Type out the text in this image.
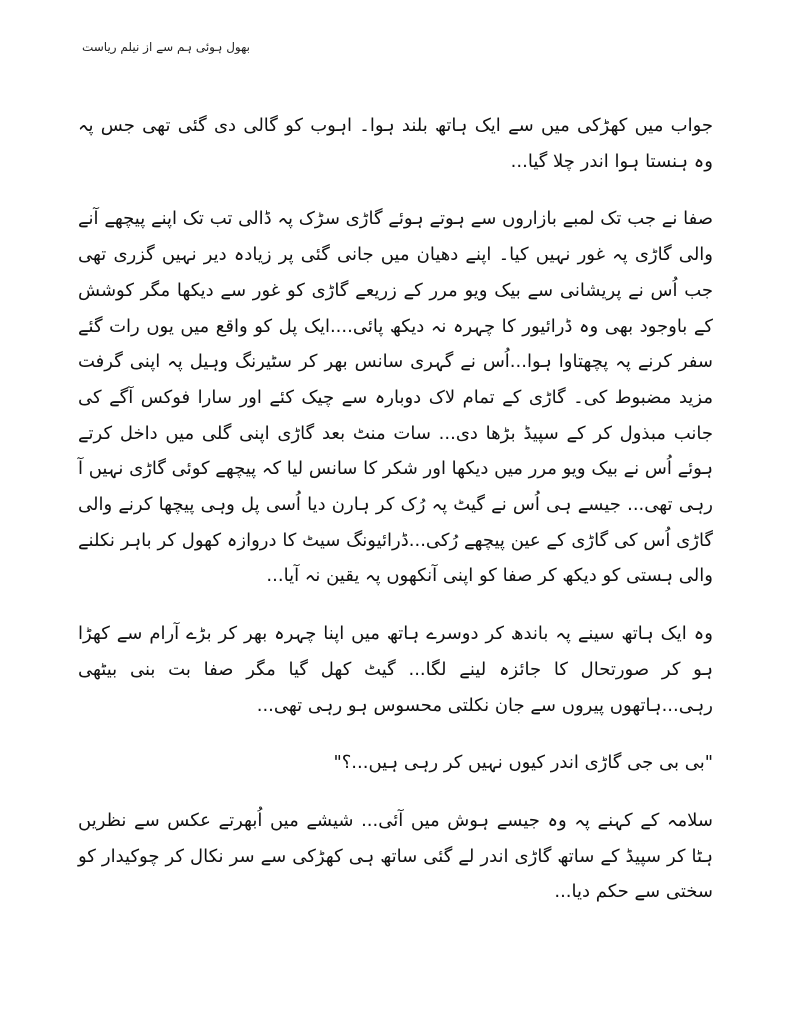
بھول ہوئی ہم سے از نیلم ریاست

جواب میں کھڑکی میں سے ایک ہاتھ بلند ہوا۔ اہوب کو گالی دی گئی تھی جس پہ وہ ہنستا ہوا اندر چلا گیا...

صفا نے جب تک لمبے بازاروں سے ہوتے ہوئے گاڑی سڑک پہ ڈالی تب تک اپنے پیچھے آنے والی گاڑی پہ غور نہیں کیا۔ اپنے دھیان میں جانی گئی پر زیادہ دیر نہیں گزری تھی جب اُس نے پریشانی سے بیک ویو مرر کے زریعے گاڑی کو غور سے دیکھا مگر کوشش کے باوجود بھی وہ ڈرائیور کا چہرہ نہ دیکھ پائی....ایک پل کو واقع میں یوں رات گئے سفر کرنے پہ پچھتاوا ہوا...اُس نے گہری سانس بھر کر سٹیرنگ وہیل پہ اپنی گرفت مزید مضبوط کی۔ گاڑی کے تمام لاک دوبارہ سے چیک کئے اور سارا فوکس آگے کی جانب مبذول کر کے سپیڈ بڑھا دی... سات منٹ بعد گاڑی اپنی گلی میں داخل کرتے ہوئے اُس نے بیک ویو مرر میں دیکھا اور شکر کا سانس لیا کہ پیچھے کوئی گاڑی نہیں آ رہی تھی... جیسے ہی اُس نے گیٹ پہ رُک کر ہارن دیا اُسی پل وہی پیچھا کرنے والی گاڑی اُس کی گاڑی کے عین پیچھے رُکی...ڈرائیونگ سیٹ کا دروازہ کھول کر باہر نکلنے والی ہستی کو دیکھ کر صفا کو اپنی آنکھوں پہ یقین نہ آیا...

وہ ایک ہاتھ سینے پہ باندھ کر دوسرے ہاتھ میں اپنا چہرہ بھر کر بڑے آرام سے کھڑا ہو کر صورتحال کا جائزہ لینے لگا... گیٹ کھل گیا مگر صفا بت بنی بیٹھی رہی...ہاتھوں پیروں سے جان نکلتی محسوس ہو رہی تھی...

"بی بی جی گاڑی اندر کیوں نہیں کر رہی ہیں...؟"

سلامہ کے کہنے پہ وہ جیسے ہوش میں آئی... شیشے میں اُبھرتے عکس سے نظریں ہٹا کر سپیڈ کے ساتھ گاڑی اندر لے گئی ساتھ ہی کھڑکی سے سر نکال کر چوکیدار کو سختی سے حکم دیا...
